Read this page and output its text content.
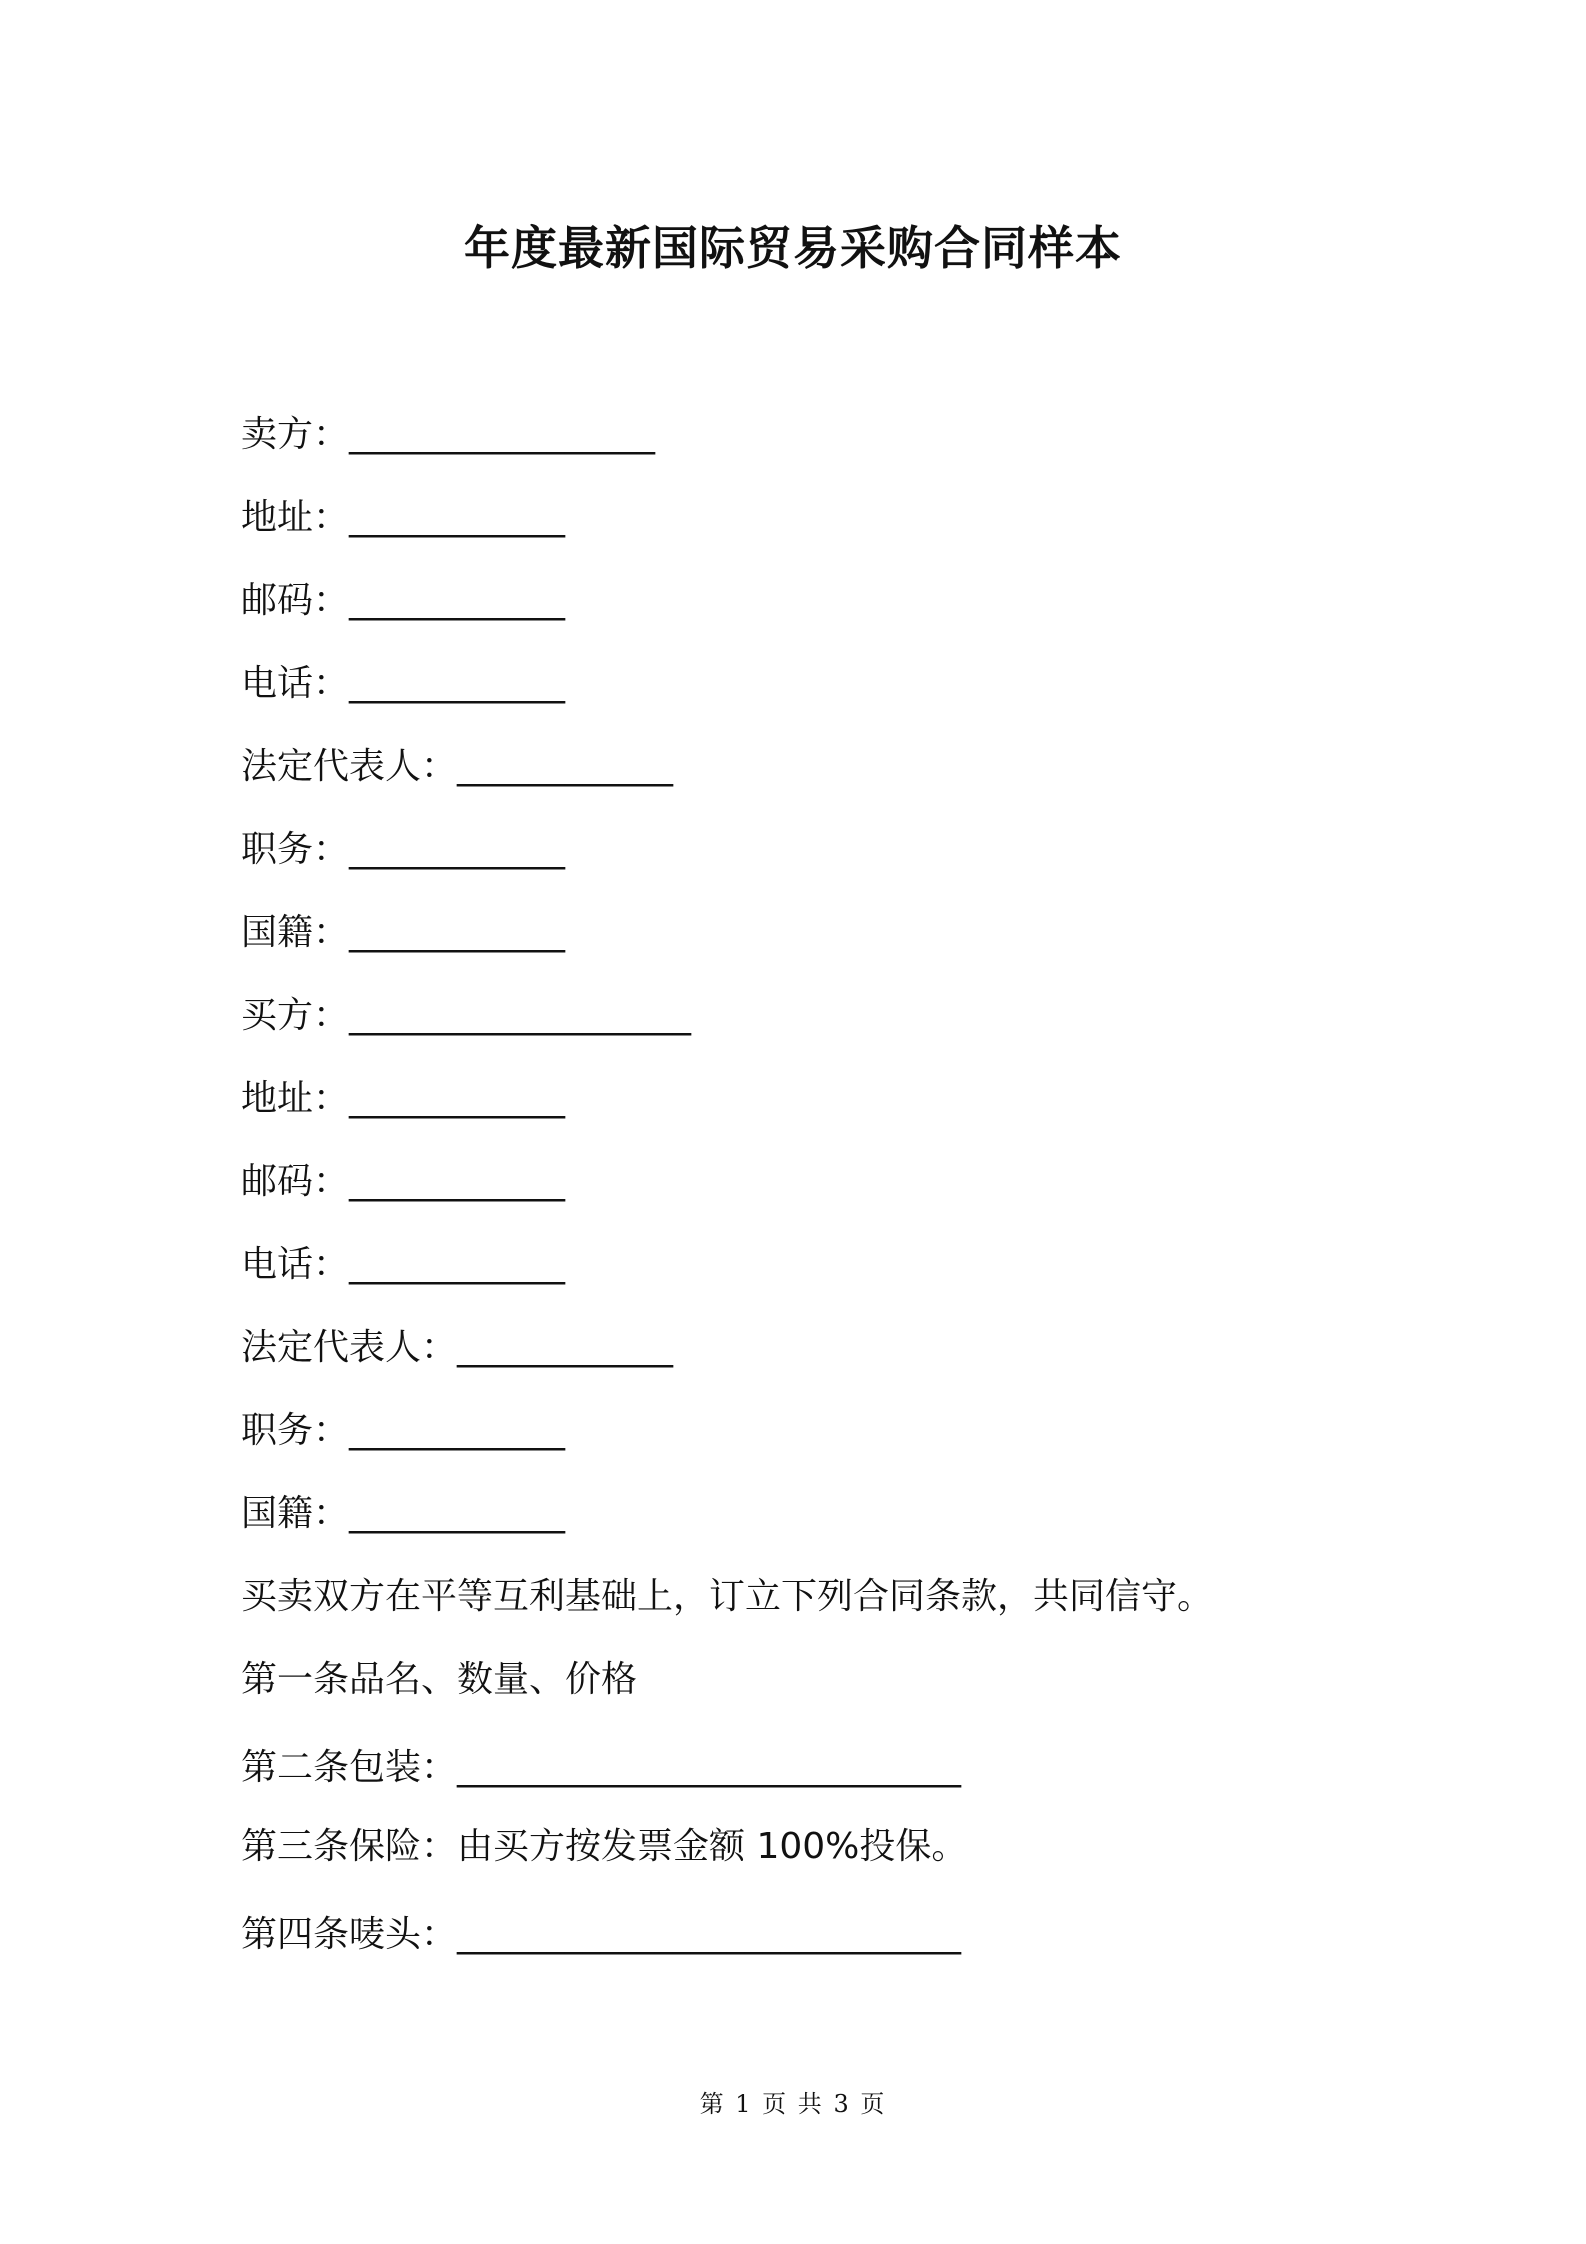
年度最新国际贸易采购合同样本
卖方：_________________
地址：____________
邮码：____________
电话：____________
法定代表人：____________
职务：____________
国籍：____________
买方：___________________
地址：____________
邮码：____________
电话：____________
法定代表人：____________
职务：____________
国籍：____________
买卖双方在平等互利基础上，订立下列合同条款，共同信守。
第一条品名、数量、价格
第二条包装：____________________________
第三条保险：由买方按发票金额 100%投保。
第四条唛头：____________________________
第 1 页 共 3 页
